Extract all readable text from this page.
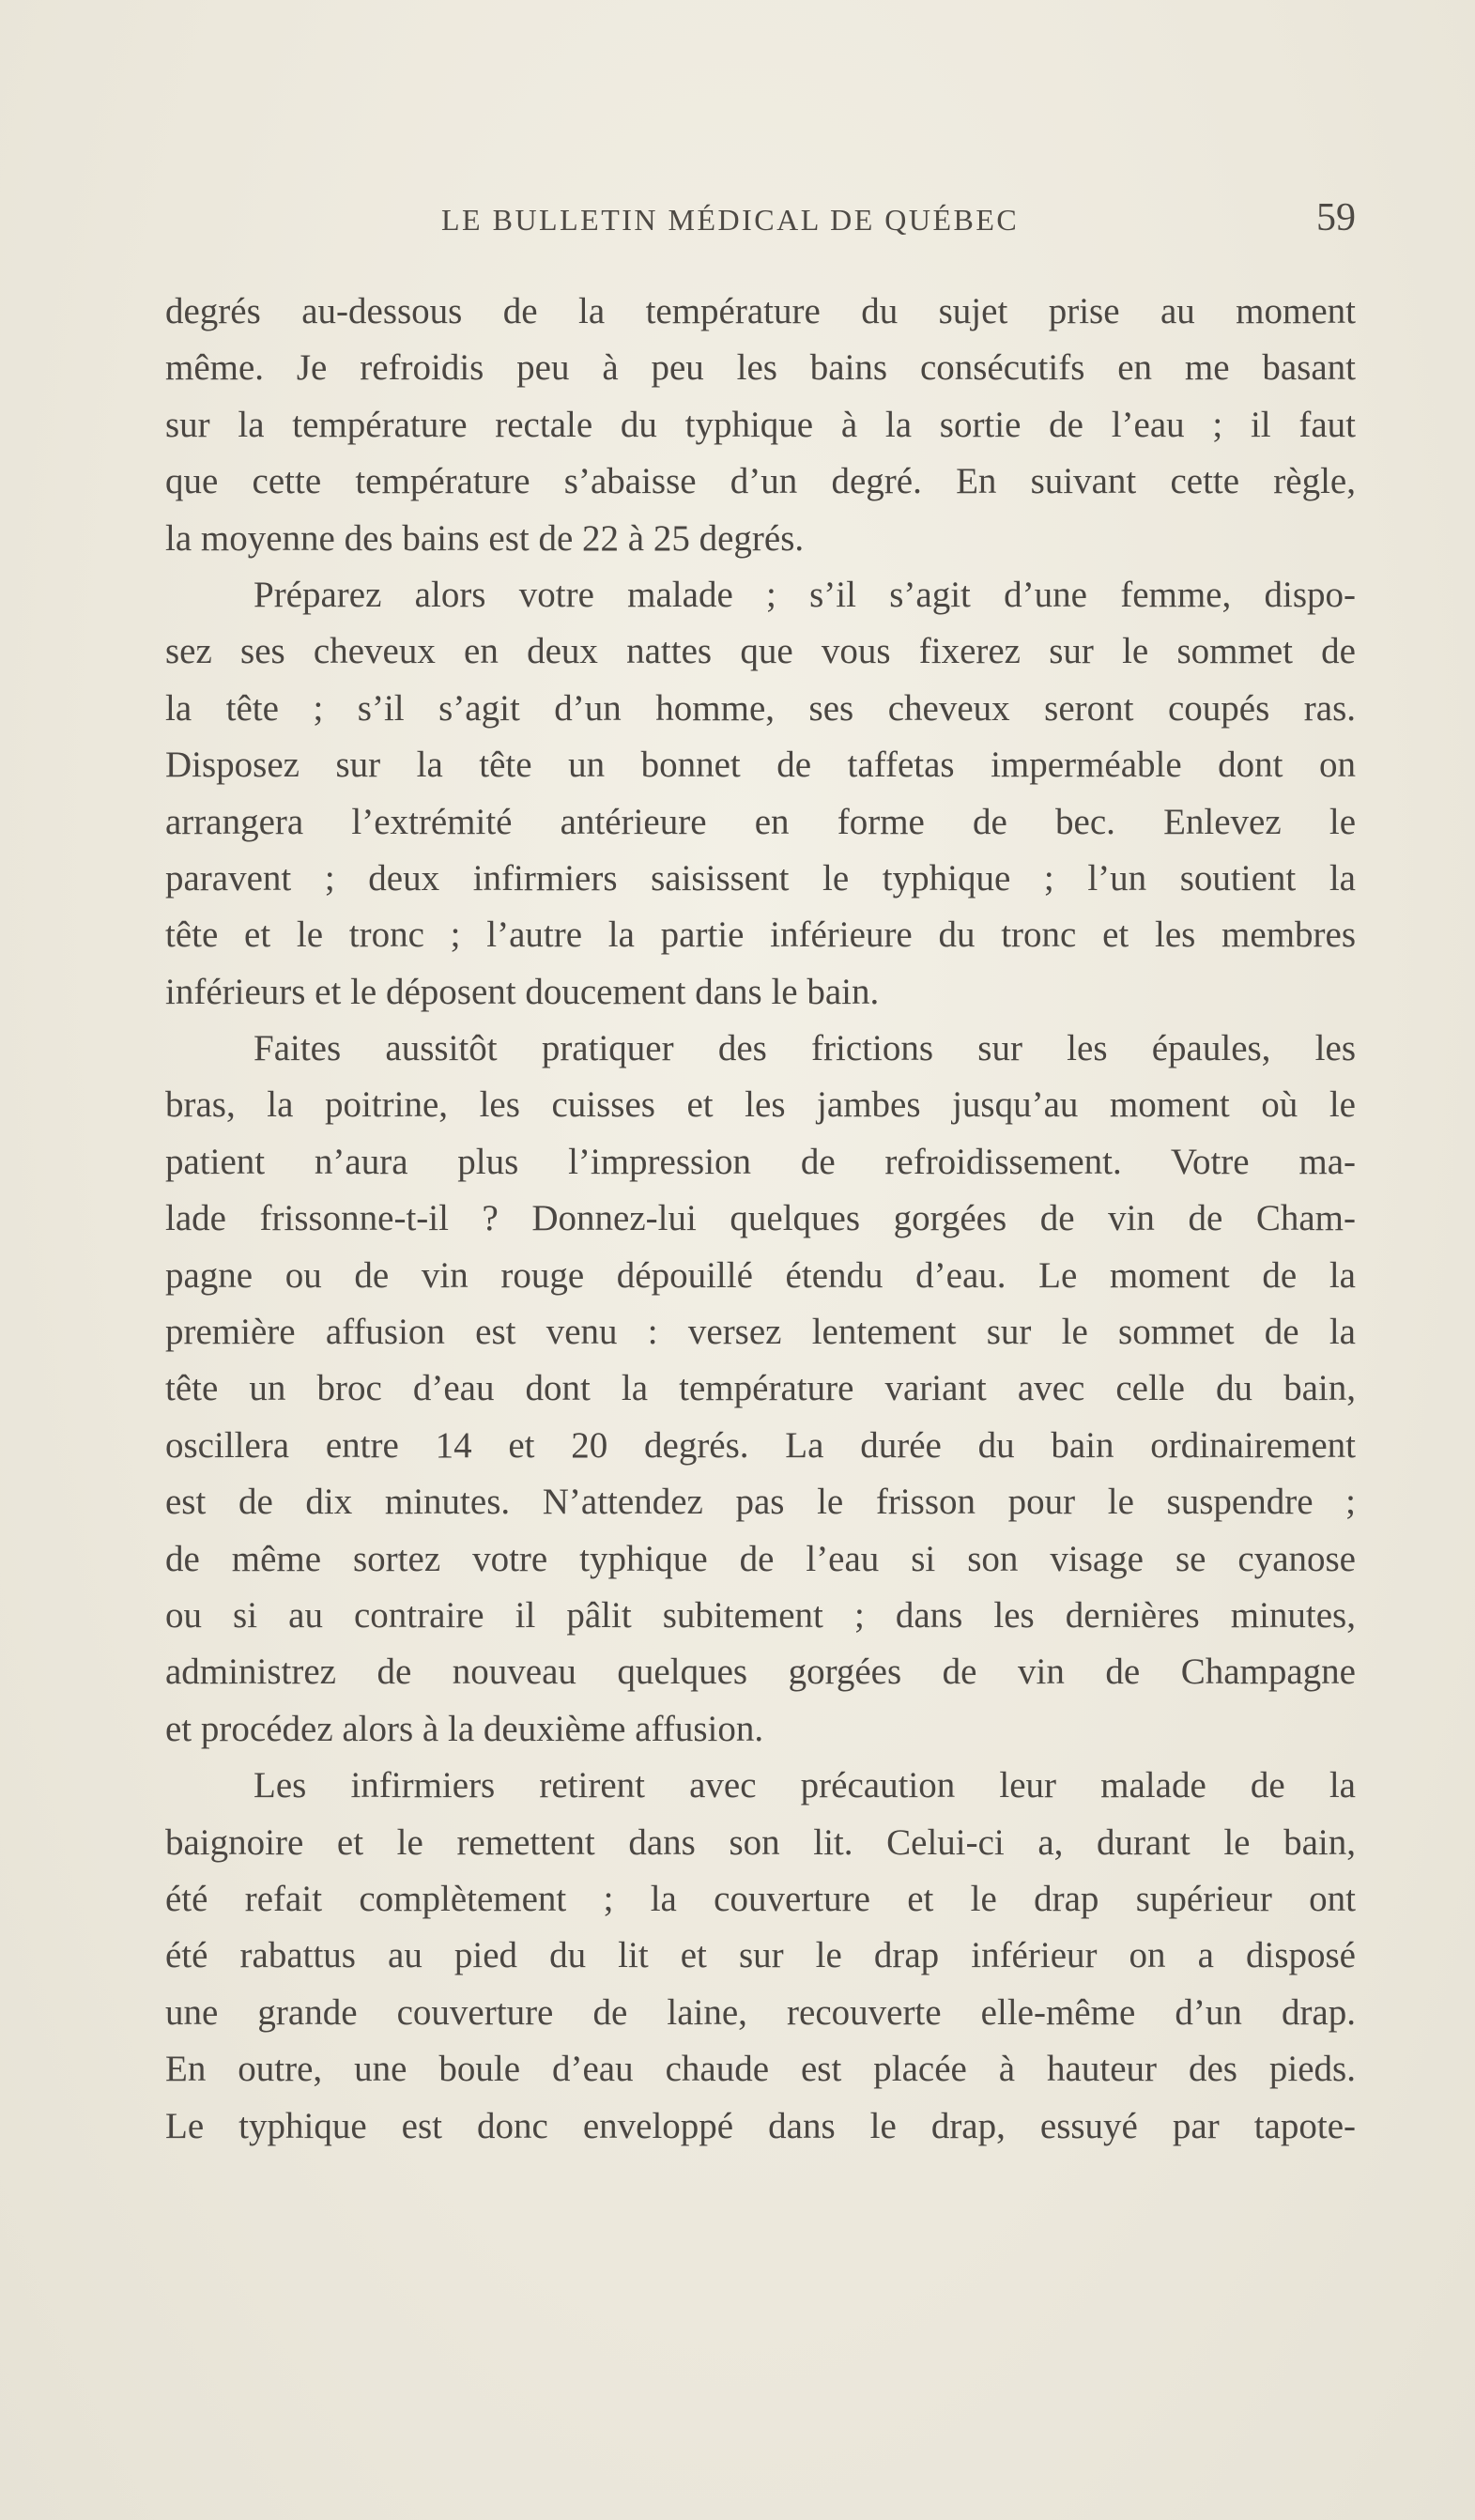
LE BULLETIN MÉDICAL DE QUÉBEC	59
degrés au-dessous de la température du sujet prise au moment
même. Je refroidis peu à peu les bains consécutifs en me basant
sur la température rectale du typhique à la sortie de l’eau ; il faut
que cette température s’abaisse d’un degré. En suivant cette règle,
la moyenne des bains est de 22 à 25 degrés.
Préparez alors votre malade ; s’il s’agit d’une femme, dispo-
sez ses cheveux en deux nattes que vous fixerez sur le sommet de
la tête ; s’il s’agit d’un homme, ses cheveux seront coupés ras.
Disposez sur la tête un bonnet de taffetas imperméable dont on
arrangera l’extrémité antérieure en forme de bec. Enlevez le
paravent ; deux infirmiers saisissent le typhique ; l’un soutient la
tête et le tronc ; l’autre la partie inférieure du tronc et les membres
inférieurs et le déposent doucement dans le bain.
Faites aussitôt pratiquer des frictions sur les épaules, les
bras, la poitrine, les cuisses et les jambes jusqu’au moment où le
patient n’aura plus l’impression de refroidissement. Votre ma-
lade frissonne-t-il ? Donnez-lui quelques gorgées de vin de Cham-
pagne ou de vin rouge dépouillé étendu d’eau. Le moment de la
première affusion est venu : versez lentement sur le sommet de la
tête un broc d’eau dont la température variant avec celle du bain,
oscillera entre 14 et 20 degrés. La durée du bain ordinairement
est de dix minutes. N’attendez pas le frisson pour le suspendre ;
de même sortez votre typhique de l’eau si son visage se cyanose
ou si au contraire il pâlit subitement ; dans les dernières minutes,
administrez de nouveau quelques gorgées de vin de Champagne
et procédez alors à la deuxième affusion.
Les infirmiers retirent avec précaution leur malade de la
baignoire et le remettent dans son lit. Celui-ci a, durant le bain,
été refait complètement ; la couverture et le drap supérieur ont
été rabattus au pied du lit et sur le drap inférieur on a disposé
une grande couverture de laine, recouverte elle-même d’un drap.
En outre, une boule d’eau chaude est placée à hauteur des pieds.
Le typhique est donc enveloppé dans le drap, essuyé par tapote-
